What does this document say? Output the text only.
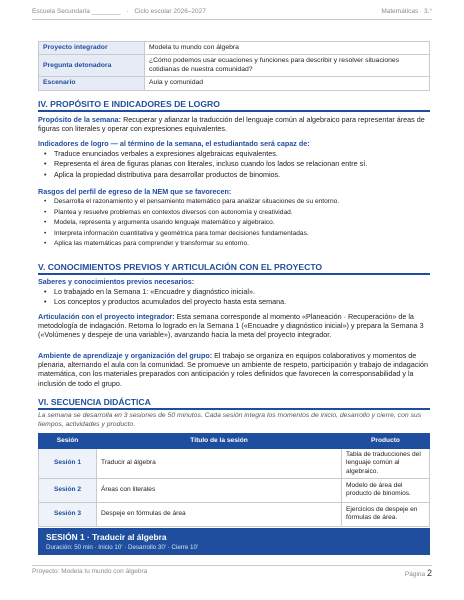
Escuela Secundaria ________ · Ciclo escolar 2026–2027	Matemáticas · 3.°
Proyecto integrador	Modela tu mundo con álgebra
Pregunta detonadora	¿Cómo podemos usar ecuaciones y funciones para describir y resolver situaciones cotidianas de nuestra comunidad?
Escenario	Aula y comunidad
IV. PROPÓSITO E INDICADORES DE LOGRO
Propósito de la semana: Recuperar y afianzar la traducción del lenguaje común al algebraico para representar áreas de figuras con literales y operar con expresiones equivalentes.
Indicadores de logro — al término de la semana, el estudiantado será capaz de:
• Traduce enunciados verbales a expresiones algebraicas equivalentes.
• Representa el área de figuras planas con literales, incluso cuando los lados se relacionan entre sí.
• Aplica la propiedad distributiva para desarrollar productos de binomios.
Rasgos del perfil de egreso de la NEM que se favorecen:
• Desarrolla el razonamiento y el pensamiento matemático para analizar situaciones de su entorno.
• Plantea y resuelve problemas en contextos diversos con autonomía y creatividad.
• Modela, representa y argumenta usando lenguaje matemático y algebraico.
• Interpreta información cuantitativa y geométrica para tomar decisiones fundamentadas.
• Aplica las matemáticas para comprender y transformar su entorno.
V. CONOCIMIENTOS PREVIOS Y ARTICULACIÓN CON EL PROYECTO
Saberes y conocimientos previos necesarios:
• Lo trabajado en la Semana 1: «Encuadre y diagnóstico inicial».
• Los conceptos y productos acumulados del proyecto hasta esta semana.
Articulación con el proyecto integrador: Esta semana corresponde al momento «Planeación · Recuperación» de la metodología de indagación. Retoma lo logrado en la Semana 1 («Encuadre y diagnóstico inicial») y prepara la Semana 3 («Volúmenes y despeje de una variable»), avanzando hacia la meta del proyecto integrador.
Ambiente de aprendizaje y organización del grupo: El trabajo se organiza en equipos colaborativos y momentos de plenaria, alternando el aula con la comunidad. Se promueve un ambiente de respeto, participación y trabajo de indagación matemática, con los materiales preparados con anticipación y roles definidos que favorecen la corresponsabilidad y la inclusión de todo el grupo.
VI. SECUENCIA DIDÁCTICA
La semana se desarrolla en 3 sesiones de 50 minutos. Cada sesión integra los momentos de inicio, desarrollo y cierre, con sus tiempos, actividades y producto.
Sesión	Título de la sesión	Producto
Sesión 1	Traducir al álgebra	Tabla de traducciones del lenguaje común al algebraico.
Sesión 2	Áreas con literales	Modelo de área del producto de binomios.
Sesión 3	Despeje en fórmulas de área	Ejercicios de despeje en fórmulas de área.
SESIÓN 1 · Traducir al álgebra
Duración: 50 min · Inicio 10' · Desarrollo 30' · Cierre 10'
Proyecto: Modela tu mundo con álgebra	Página 2
